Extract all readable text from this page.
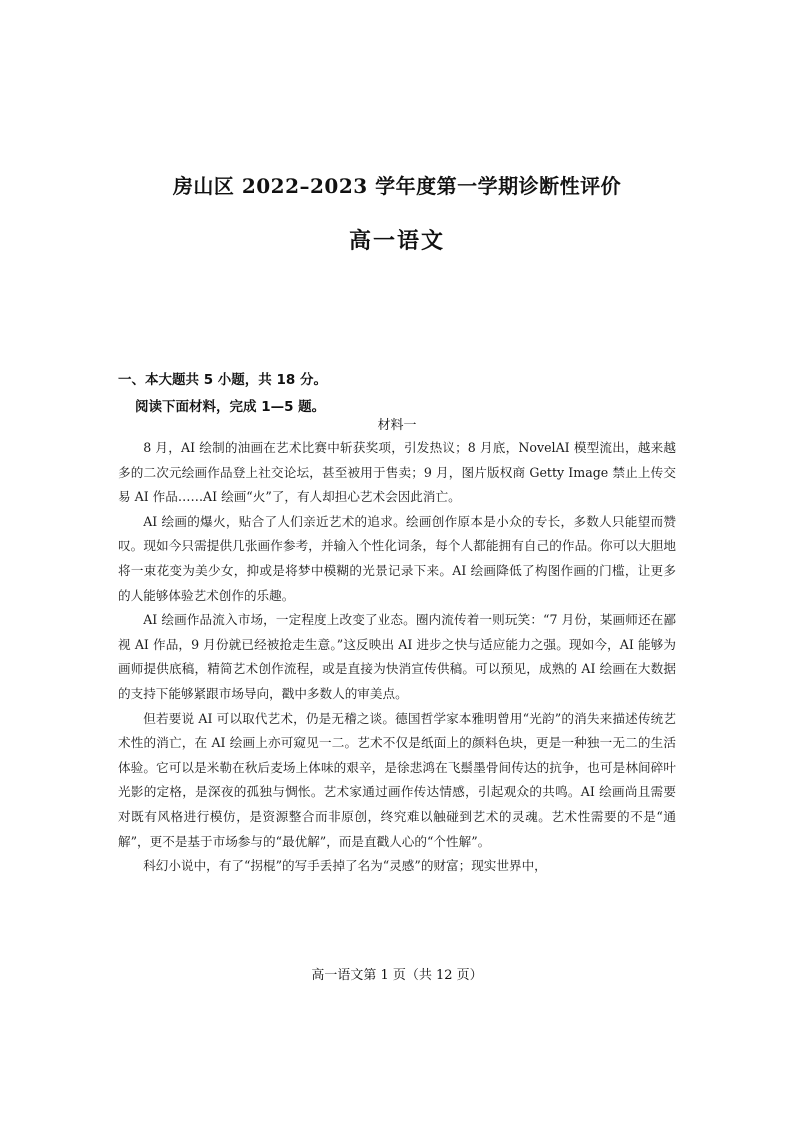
房山区 2022–2023 学年度第一学期诊断性评价
高一语文
一、本大题共 5 小题，共 18 分。
阅读下面材料，完成 1—5 题。
材料一

8 月，AI 绘制的油画在艺术比赛中斩获奖项，引发热议；8 月底，NovelAI 模型流出，越来越多的二次元绘画作品登上社交论坛，甚至被用于售卖；9 月，图片版权商 Getty Image 禁止上传交易 AI 作品……AI 绘画“火”了，有人却担心艺术会因此消亡。

AI 绘画的爆火，贴合了人们亲近艺术的追求。绘画创作原本是小众的专长，多数人只能望而赞叹。现如今只需提供几张画作参考，并输入个性化词条，每个人都能拥有自己的作品。你可以大胆地将一束花变为美少女，抑或是将梦中模糊的光景记录下来。AI 绘画降低了构图作画的门槛，让更多的人能够体验艺术创作的乐趣。

AI 绘画作品流入市场，一定程度上改变了业态。圈内流传着一则玩笑：“7 月份，某画师还在鄙视 AI 作品，9 月份就已经被抢走生意。”这反映出 AI 进步之快与适应能力之强。现如今，AI 能够为画师提供底稿，精简艺术创作流程，或是直接为快消宣传供稿。可以预见，成熟的 AI 绘画在大数据的支持下能够紧跟市场导向，戳中多数人的审美点。

但若要说 AI 可以取代艺术，仍是无稽之谈。德国哲学家本雅明曾用“光韵”的消失来描述传统艺术性的消亡，在 AI 绘画上亦可窥见一二。艺术不仅是纸面上的颜料色块，更是一种独一无二的生活体验。它可以是米勒在秋后麦场上体味的艰辛，是徐悲鸿在飞鬃墨骨间传达的抗争，也可是林间碎叶光影的定格，是深夜的孤独与惆怅。艺术家通过画作传达情感，引起观众的共鸣。AI 绘画尚且需要对既有风格进行模仿，是资源整合而非原创，终究难以触碰到艺术的灵魂。艺术性需要的不是“通解”，更不是基于市场参与的“最优解”，而是直戳人心的“个性解”。

科幻小说中，有了“拐棍”的写手丢掉了名为“灵感”的财富；现实世界中，

高一语文第 1 页（共 12 页）
